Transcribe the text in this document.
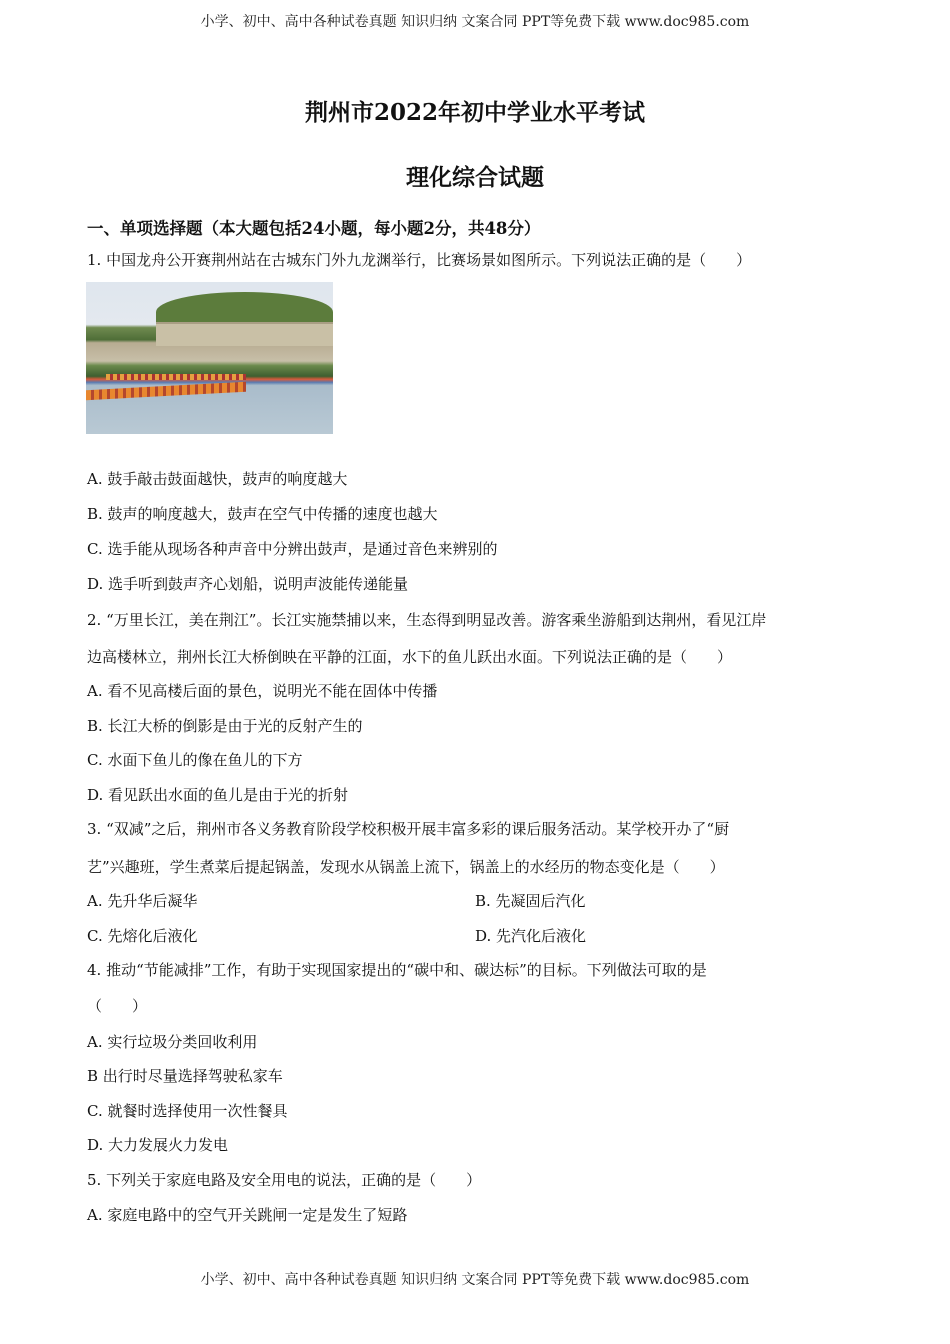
小学、初中、高中各种试卷真题 知识归纳 文案合同 PPT等免费下载 www.doc985.com
荆州市2022年初中学业水平考试
理化综合试题
一、单项选择题（本大题包括24小题，每小题2分，共48分）
1. 中国龙舟公开赛荆州站在古城东门外九龙渊举行，比赛场景如图所示。下列说法正确的是（　　）
A. 鼓手敲击鼓面越快，鼓声的响度越大
B. 鼓声的响度越大，鼓声在空气中传播的速度也越大
C. 选手能从现场各种声音中分辨出鼓声，是通过音色来辨别的
D. 选手听到鼓声齐心划船，说明声波能传递能量
2. “万里长江，美在荆江”。长江实施禁捕以来，生态得到明显改善。游客乘坐游船到达荆州，看见江岸
边高楼林立，荆州长江大桥倒映在平静的江面，水下的鱼儿跃出水面。下列说法正确的是（　　）
A. 看不见高楼后面的景色，说明光不能在固体中传播
B. 长江大桥的倒影是由于光的反射产生的
C. 水面下鱼儿的像在鱼儿的下方
D. 看见跃出水面的鱼儿是由于光的折射
3. “双减”之后，荆州市各义务教育阶段学校积极开展丰富多彩的课后服务活动。某学校开办了“厨
艺”兴趣班，学生煮菜后提起锅盖，发现水从锅盖上流下，锅盖上的水经历的物态变化是（　　）
A. 先升华后凝华	B. 先凝固后汽化
C. 先熔化后液化	D. 先汽化后液化
4. 推动“节能减排”工作，有助于实现国家提出的“碳中和、碳达标”的目标。下列做法可取的是
（　　）
A. 实行垃圾分类回收利用
B 出行时尽量选择驾驶私家车
C. 就餐时选择使用一次性餐具
D. 大力发展火力发电
5. 下列关于家庭电路及安全用电的说法，正确的是（　　）
A. 家庭电路中的空气开关跳闸一定是发生了短路
小学、初中、高中各种试卷真题 知识归纳 文案合同 PPT等免费下载 www.doc985.com
